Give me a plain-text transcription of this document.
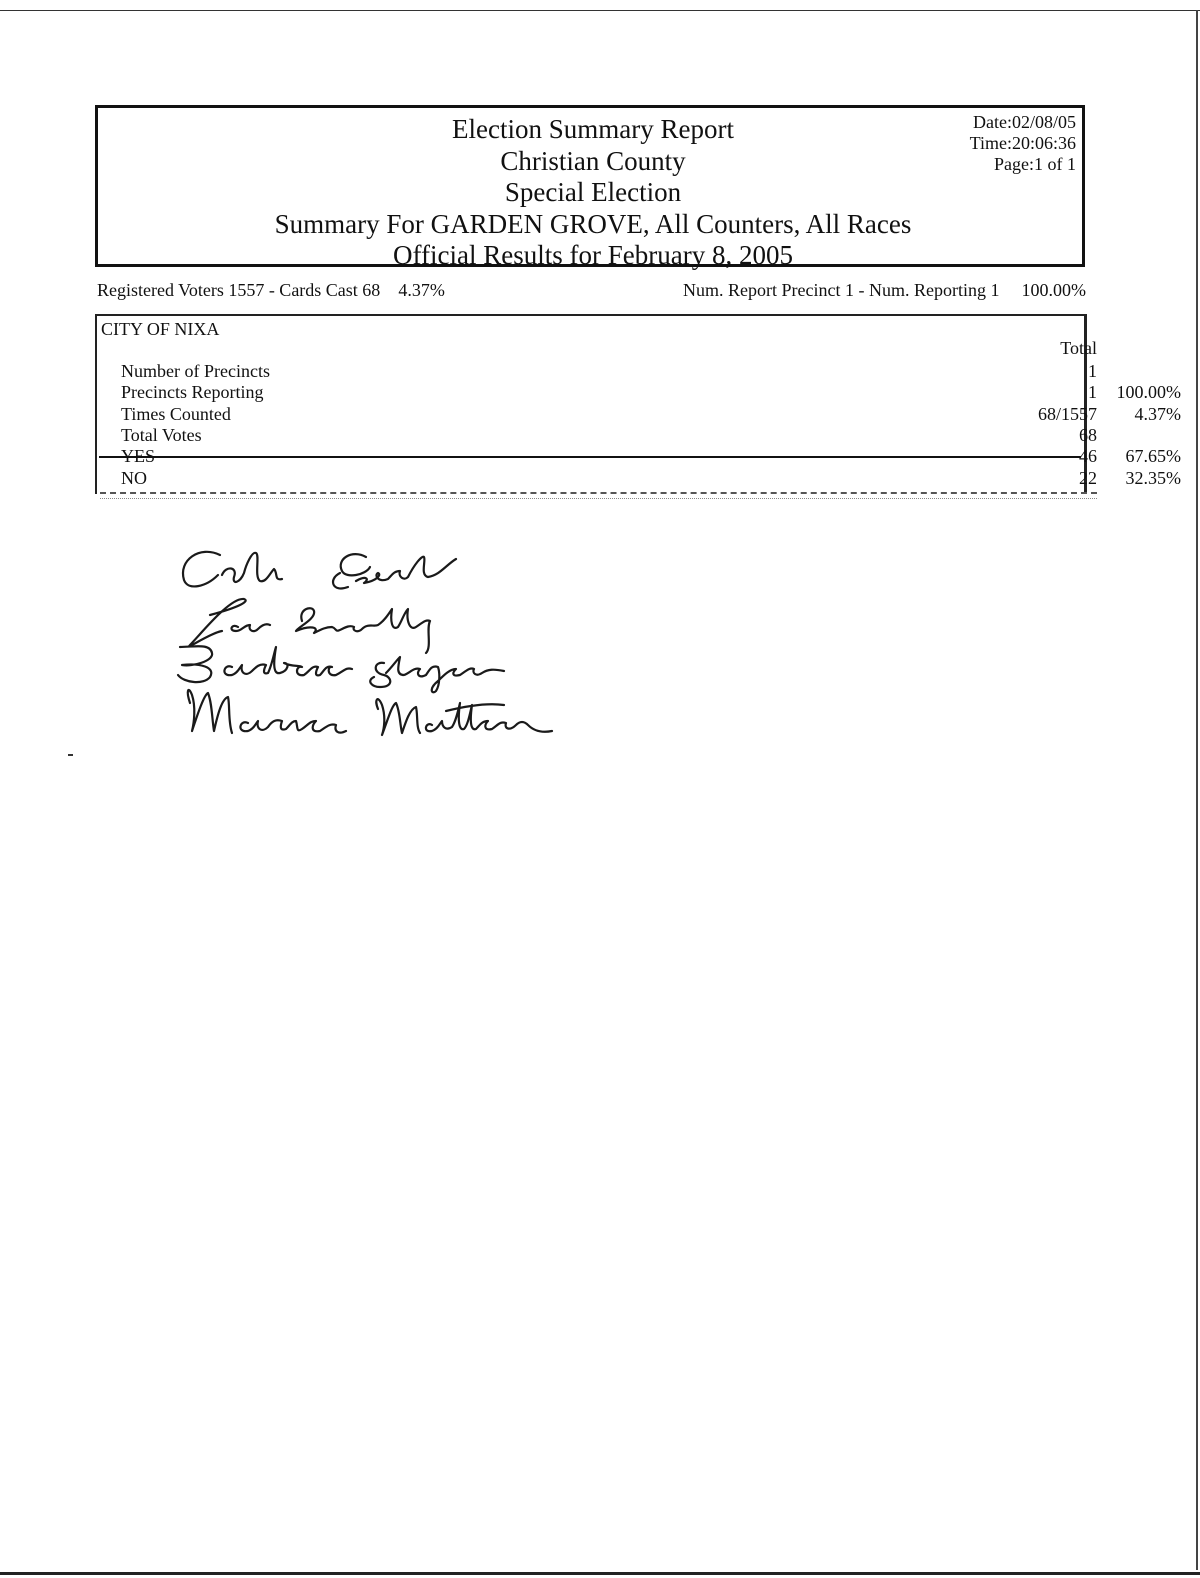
Election Summary Report
Christian County
Special Election
Summary For GARDEN GROVE, All Counters, All Races
Official Results for February 8, 2005
Date:02/08/05
Time:20:06:36
Page:1 of 1
Registered Voters 1557 - Cards Cast 68 4.37%	Num. Report Precinct 1 - Num. Reporting 1 100.00%
CITY OF NIXA
Total
Number of Precincts	1
Precincts Reporting	1	100.00%
Times Counted	68/1557	4.37%
Total Votes	68
YES	46	67.65%
NO	22	32.35%
